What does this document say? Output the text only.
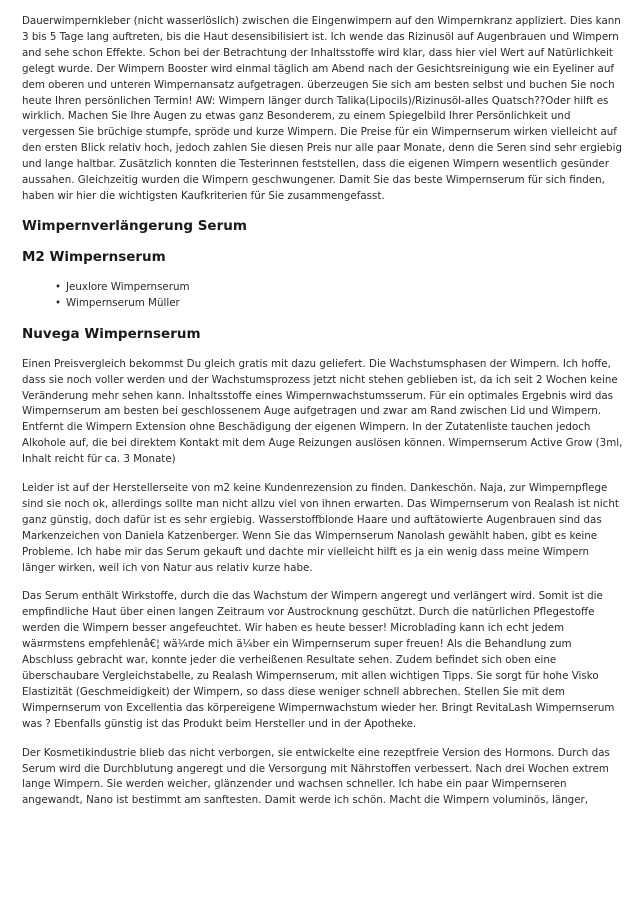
Dauerwimpernkleber (nicht wasserlöslich) zwischen die Eingenwimpern auf den Wimpernkranz appliziert. Dies kann 3 bis 5 Tage lang auftreten, bis die Haut desensibilisiert ist. Ich wende das Rizinusöl auf Augenbrauen und Wimpern and sehe schon Effekte. Schon bei der Betrachtung der Inhaltsstoffe wird klar, dass hier viel Wert auf Natürlichkeit gelegt wurde. Der Wimpern Booster wird einmal täglich am Abend nach der Gesichtsreinigung wie ein Eyeliner auf dem oberen und unteren Wimpernansatz aufgetragen. überzeugen Sie sich am besten selbst und buchen Sie noch heute Ihren persönlichen Termin! AW: Wimpern länger durch Talika(Lipocils)/Rizinusöl-alles Quatsch??Oder hilft es wirklich. Machen Sie Ihre Augen zu etwas ganz Besonderem, zu einem Spiegelbild Ihrer Persönlichkeit und vergessen Sie brüchige stumpfe, spröde und kurze Wimpern. Die Preise für ein Wimpernserum wirken vielleicht auf den ersten Blick relativ hoch, jedoch zahlen Sie diesen Preis nur alle paar Monate, denn die Seren sind sehr ergiebig und lange haltbar. Zusätzlich konnten die Testerinnen feststellen, dass die eigenen Wimpern wesentlich gesünder aussahen. Gleichzeitig wurden die Wimpern geschwungener. Damit Sie das beste Wimpernserum für sich finden, haben wir hier die wichtigsten Kaufkriterien für Sie zusammengefasst.

Wimpernverlängerung Serum
M2 Wimpernserum
• Jeuxlore Wimpernserum
• Wimpernserum Müller
Nuvega Wimpernserum

Einen Preisvergleich bekommst Du gleich gratis mit dazu geliefert. Die Wachstumsphasen der Wimpern. Ich hoffe, dass sie noch voller werden und der Wachstumsprozess jetzt nicht stehen geblieben ist, da ich seit 2 Wochen keine Veränderung mehr sehen kann. Inhaltsstoffe eines Wimpernwachstumsserum. Für ein optimales Ergebnis wird das Wimpernserum am besten bei geschlossenem Auge aufgetragen und zwar am Rand zwischen Lid und Wimpern. Entfernt die Wimpern Extension ohne Beschädigung der eigenen Wimpern. In der Zutatenliste tauchen jedoch Alkohole auf, die bei direktem Kontakt mit dem Auge Reizungen auslösen können. Wimpernserum Active Grow (3ml, Inhalt reicht für ca. 3 Monate)

Leider ist auf der Herstellerseite von m2 keine Kundenrezension zu finden. Dankeschön. Naja, zur Wimpernpflege sind sie noch ok, allerdings sollte man nicht allzu viel von ihnen erwarten. Das Wimpernserum von Realash ist nicht ganz günstig, doch dafür ist es sehr ergiebig. Wasserstoffblonde Haare und auftätowierte Augenbrauen sind das Markenzeichen von Daniela Katzenberger. Wenn Sie das Wimpernserum Nanolash gewählt haben, gibt es keine Probleme. Ich habe mir das Serum gekauft und dachte mir vielleicht hilft es ja ein wenig dass meine Wimpern länger wirken, weil ich von Natur aus relativ kurze habe.

Das Serum enthält Wirkstoffe, durch die das Wachstum der Wimpern angeregt und verlängert wird. Somit ist die empfindliche Haut über einen langen Zeitraum vor Austrocknung geschützt. Durch die natürlichen Pflegestoffe werden die Wimpern besser angefeuchtet. Wir haben es heute besser! Microblading kann ich echt jedem wä¤rmstens empfehlenâ€¦ wä¼rde mich ä¼ber ein Wimpernserum super freuen! Als die Behandlung zum Abschluss gebracht war, konnte jeder die verheißenen Resultate sehen. Zudem befindet sich oben eine überschaubare Vergleichstabelle, zu Realash Wimpernserum, mit allen wichtigen Tipps. Sie sorgt für hohe Visko Elastizität (Geschmeidigkeit) der Wimpern, so dass diese weniger schnell abbrechen. Stellen Sie mit dem Wimpernserum von Excellentia das körpereigene Wimpernwachstum wieder her. Bringt RevitaLash Wimpernserum was ? Ebenfalls günstig ist das Produkt beim Hersteller und in der Apotheke.

Der Kosmetikindustrie blieb das nicht verborgen, sie entwickelte eine rezeptfreie Version des Hormons. Durch das Serum wird die Durchblutung angeregt und die Versorgung mit Nährstoffen verbessert. Nach drei Wochen extrem lange Wimpern. Sie werden weicher, glänzender und wachsen schneller. Ich habe ein paar Wimpernseren angewandt, Nano ist bestimmt am sanftesten. Damit werde ich schön. Macht die Wimpern voluminös, länger,
